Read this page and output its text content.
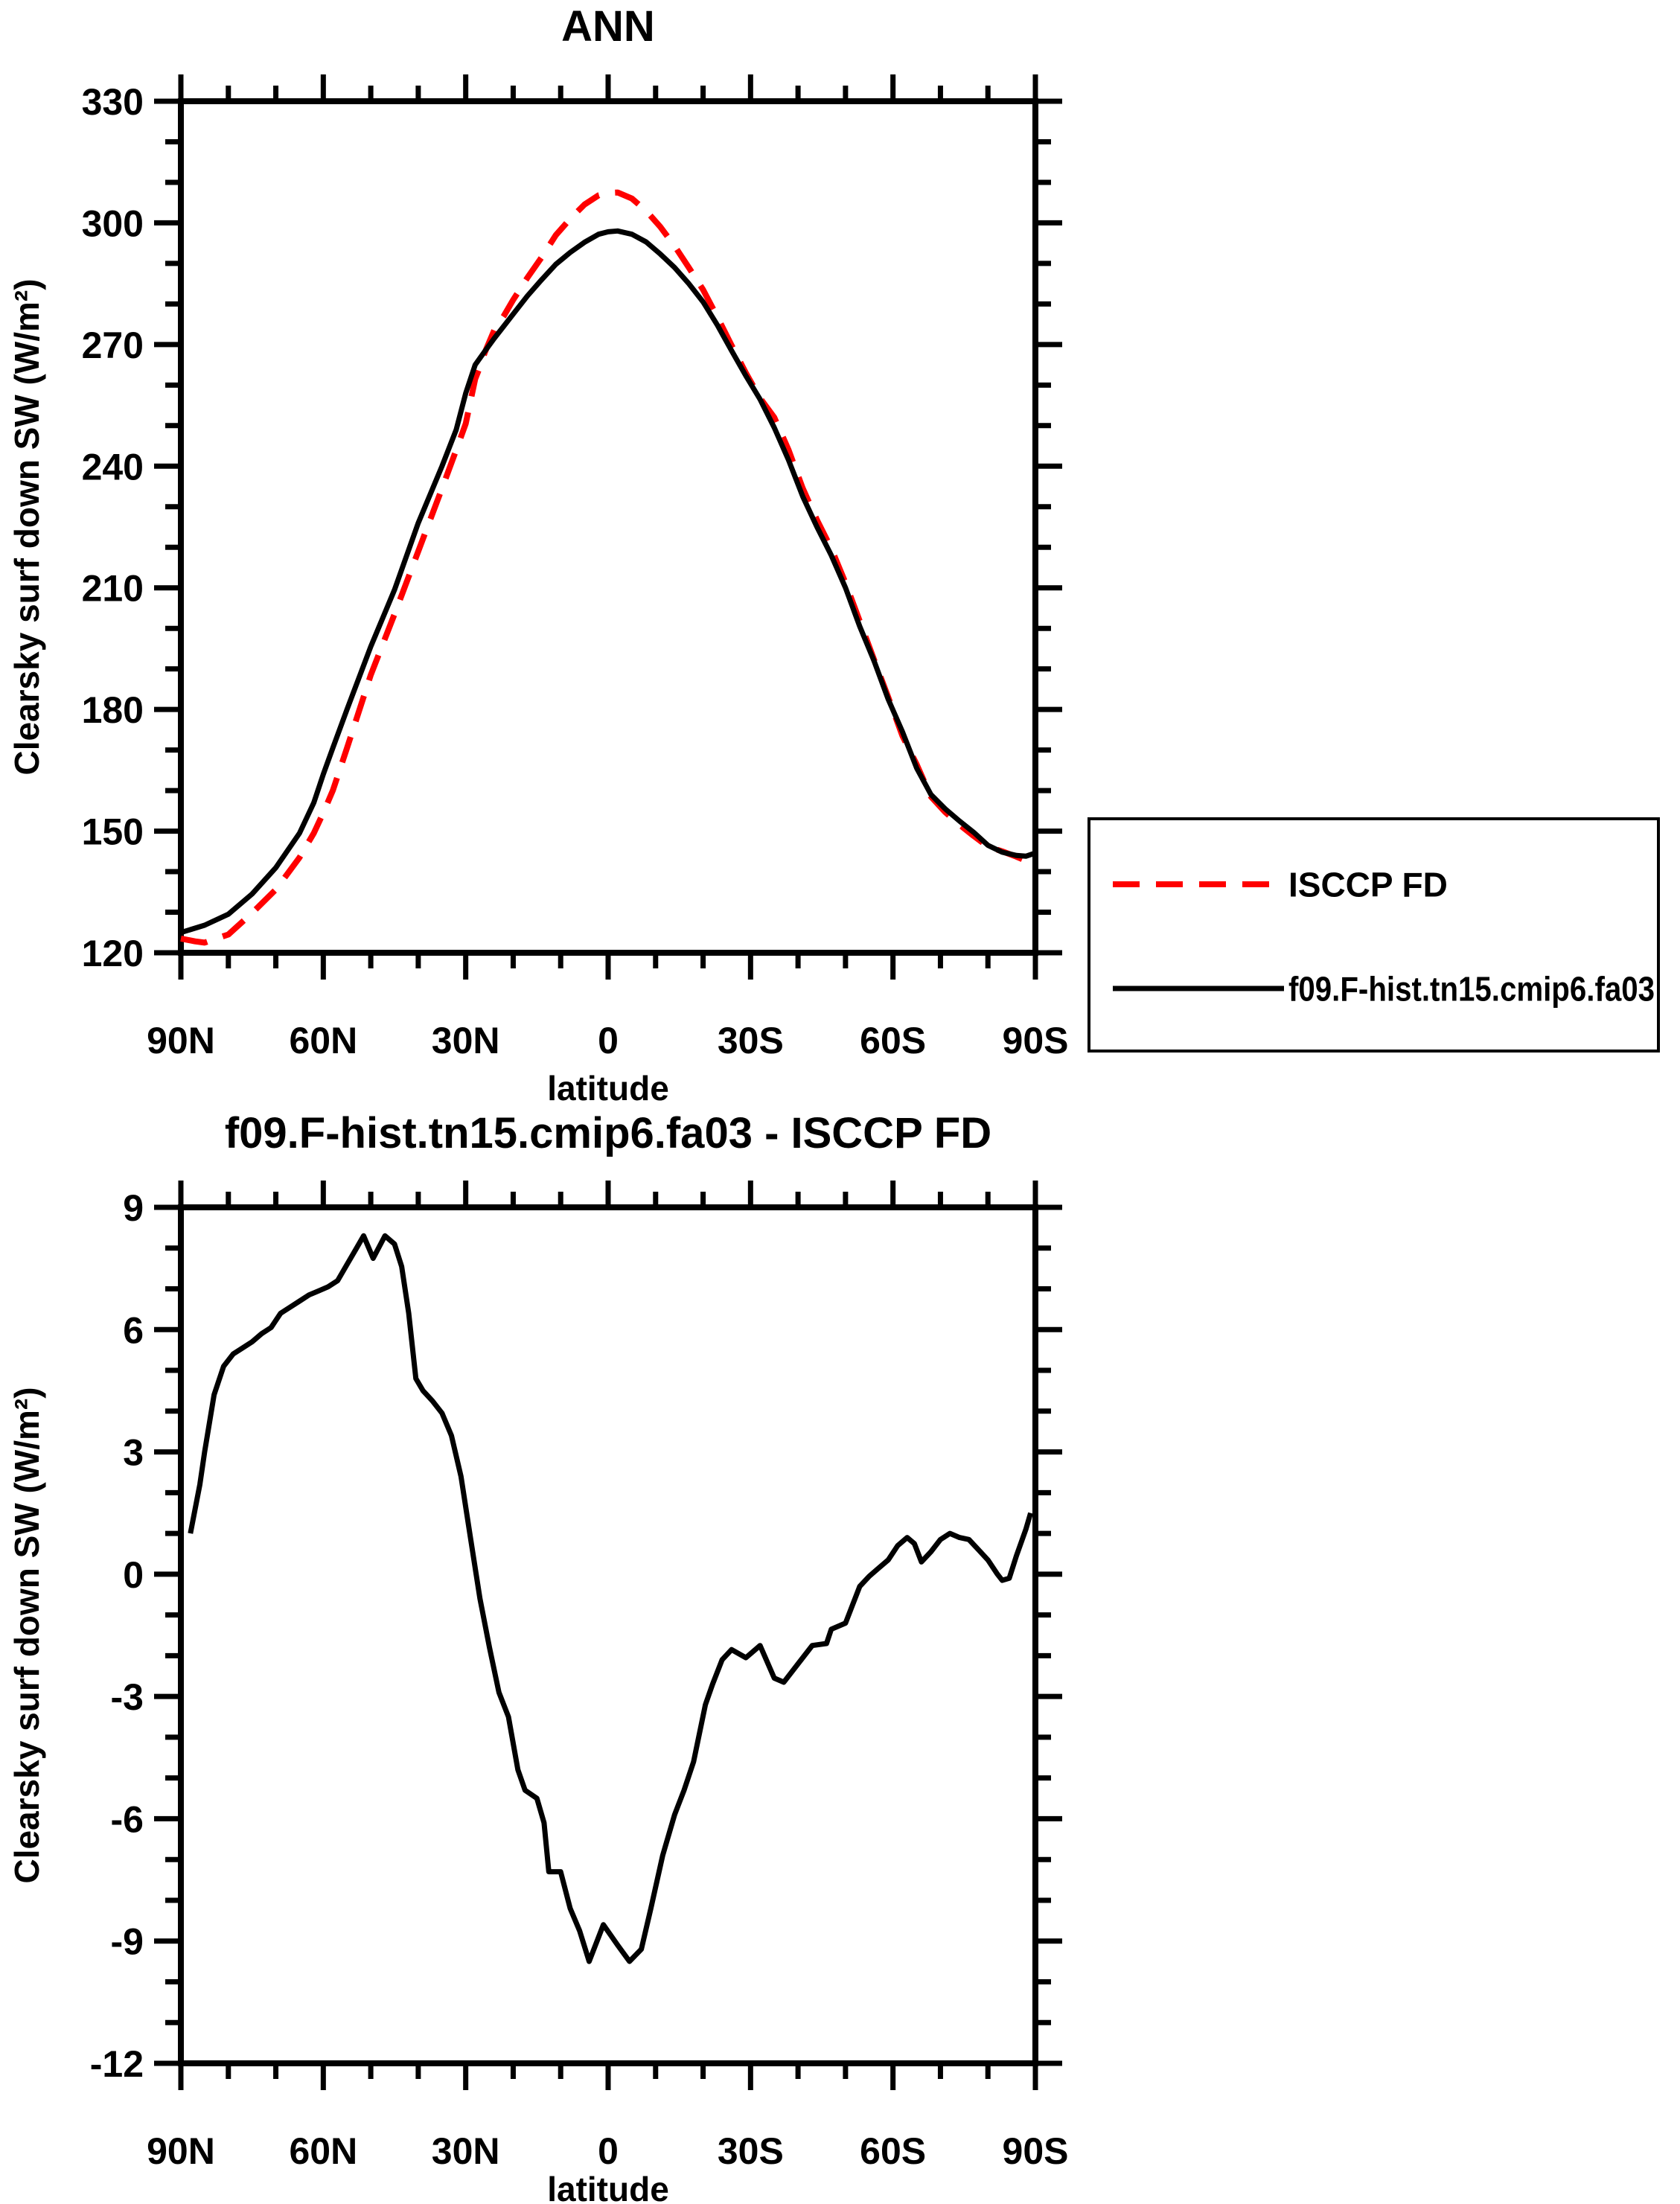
90N 60N 30N	0	30S 60S 90S
330
300
270
240
210
180
150
120
ANN
latitude
Clearsky surf down SW (W/m²)
ISCCP FD
f09.F-hist.tn15.cmip6.fa03
90N 60N 30N	0	30S 60S 90S
9
6
3
0
-3
-6
-9
-12
f09.F-hist.tn15.cmip6.fa03 - ISCCP FD
latitude
Clearsky surf down SW (W/m²)
